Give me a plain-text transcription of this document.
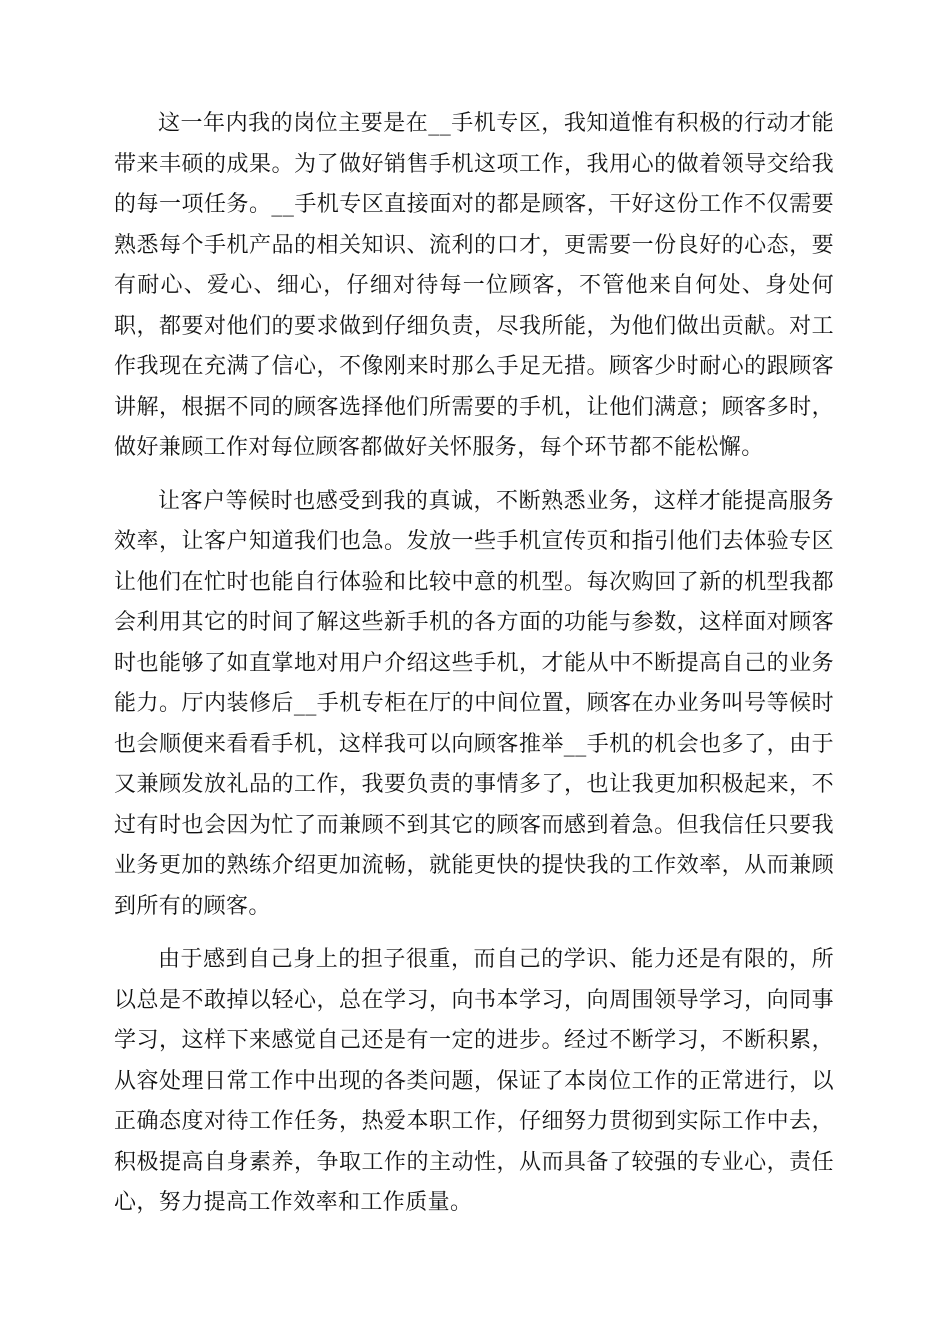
这一年内我的岗位主要是在__手机专区，我知道惟有积极的行动才能带来丰硕的成果。为了做好销售手机这项工作，我用心的做着领导交给我的每一项任务。__手机专区直接面对的都是顾客，干好这份工作不仅需要熟悉每个手机产品的相关知识、流利的口才，更需要一份良好的心态，要有耐心、爱心、细心，仔细对待每一位顾客，不管他来自何处、身处何职，都要对他们的要求做到仔细负责，尽我所能，为他们做出贡献。对工作我现在充满了信心，不像刚来时那么手足无措。顾客少时耐心的跟顾客讲解，根据不同的顾客选择他们所需要的手机，让他们满意；顾客多时，做好兼顾工作对每位顾客都做好关怀服务，每个环节都不能松懈。

让客户等候时也感受到我的真诚，不断熟悉业务，这样才能提高服务效率，让客户知道我们也急。发放一些手机宣传页和指引他们去体验专区让他们在忙时也能自行体验和比较中意的机型。每次购回了新的机型我都会利用其它的时间了解这些新手机的各方面的功能与参数，这样面对顾客时也能够了如直掌地对用户介绍这些手机，才能从中不断提高自己的业务能力。厅内装修后__手机专柜在厅的中间位置，顾客在办业务叫号等候时也会顺便来看看手机，这样我可以向顾客推举__手机的机会也多了，由于又兼顾发放礼品的工作，我要负责的事情多了，也让我更加积极起来，不过有时也会因为忙了而兼顾不到其它的顾客而感到着急。但我信任只要我业务更加的熟练介绍更加流畅，就能更快的提快我的工作效率，从而兼顾到所有的顾客。

由于感到自己身上的担子很重，而自己的学识、能力还是有限的，所以总是不敢掉以轻心，总在学习，向书本学习，向周围领导学习，向同事学习，这样下来感觉自己还是有一定的进步。经过不断学习，不断积累，从容处理日常工作中出现的各类问题，保证了本岗位工作的正常进行，以正确态度对待工作任务，热爱本职工作，仔细努力贯彻到实际工作中去，积极提高自身素养，争取工作的主动性，从而具备了较强的专业心，责任心，努力提高工作效率和工作质量。
